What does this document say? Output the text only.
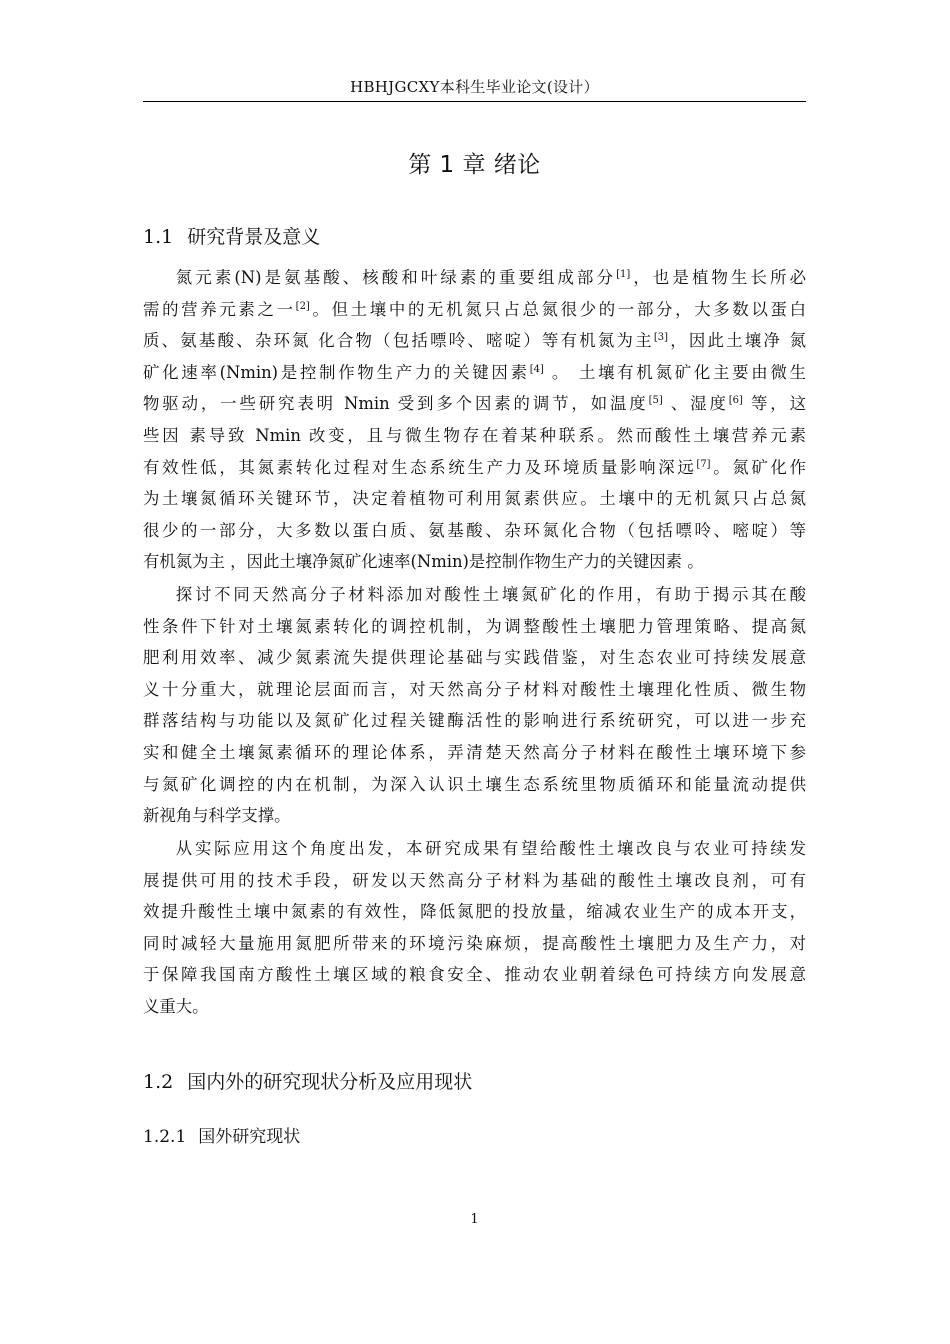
HBHJGCXY本科生毕业论文(设计）
第 1 章 绪论
1.1 研究背景及意义
氮元素(N)是氨基酸、核酸和叶绿素的重要组成部分[1]，也是植物生长所必
需的营养元素之一[2]。但土壤中的无机氮只占总氮很少的一部分，大多数以蛋白
质、氨基酸、杂环氮 化合物（包括嘌呤、嘧啶）等有机氮为主[3]，因此土壤净 氮
矿化速率(Nmin)是控制作物生产力的关键因素[4] 。 土壤有机氮矿化主要由微生
物驱动，一些研究表明 Nmin 受到多个因素的调节，如温度[5] 、湿度[6] 等，这
些因 素导致 Nmin 改变，且与微生物存在着某种联系。然而酸性土壤营养元素
有效性低，其氮素转化过程对生态系统生产力及环境质量影响深远[7]。氮矿化作
为土壤氮循环关键环节，决定着植物可利用氮素供应。土壤中的无机氮只占总氮
很少的一部分，大多数以蛋白质、氨基酸、杂环氮化合物（包括嘌呤、嘧啶）等
有机氮为主 ，因此土壤净氮矿化速率(Nmin)是控制作物生产力的关键因素 。
探讨不同天然高分子材料添加对酸性土壤氮矿化的作用，有助于揭示其在酸
性条件下针对土壤氮素转化的调控机制，为调整酸性土壤肥力管理策略、提高氮
肥利用效率、减少氮素流失提供理论基础与实践借鉴，对生态农业可持续发展意
义十分重大，就理论层面而言，对天然高分子材料对酸性土壤理化性质、微生物
群落结构与功能以及氮矿化过程关键酶活性的影响进行系统研究，可以进一步充
实和健全土壤氮素循环的理论体系，弄清楚天然高分子材料在酸性土壤环境下参
与氮矿化调控的内在机制，为深入认识土壤生态系统里物质循环和能量流动提供
新视角与科学支撑。
从实际应用这个角度出发，本研究成果有望给酸性土壤改良与农业可持续发
展提供可用的技术手段，研发以天然高分子材料为基础的酸性土壤改良剂，可有
效提升酸性土壤中氮素的有效性，降低氮肥的投放量，缩减农业生产的成本开支，
同时减轻大量施用氮肥所带来的环境污染麻烦，提高酸性土壤肥力及生产力，对
于保障我国南方酸性土壤区域的粮食安全、推动农业朝着绿色可持续方向发展意
义重大。
1.2 国内外的研究现状分析及应用现状
1.2.1 国外研究现状
1
